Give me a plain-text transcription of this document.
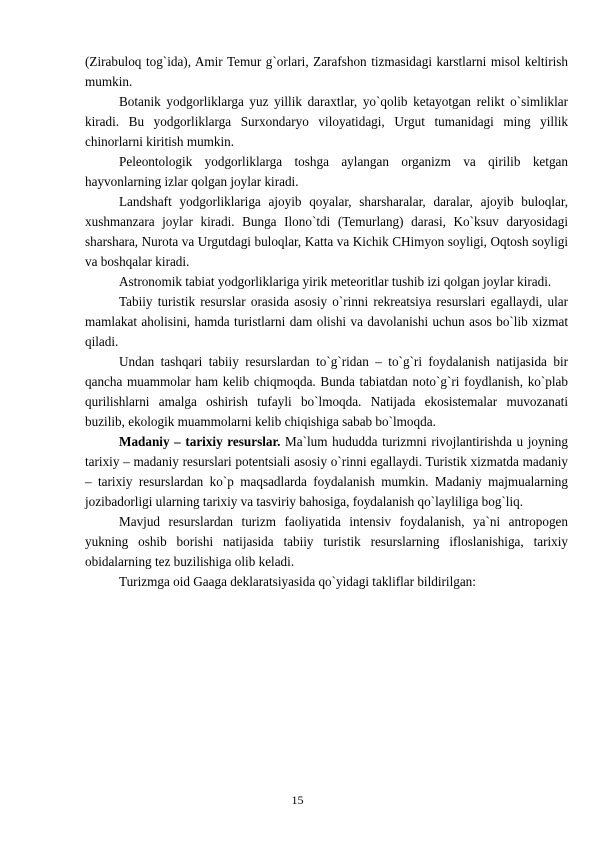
(Zirabuloq tog`ida), Amir Temur g`orlari, Zarafshon tizmasidagi karstlarni misol keltirish mumkin.

Botanik yodgorliklarga yuz yillik daraxtlar, yo`qolib ketayotgan relikt o`simliklar kiradi. Bu yodgorliklarga Surxondaryo viloyatidagi, Urgut tumanidagi ming yillik chinorlarni kiritish mumkin.

Peleontologik yodgorliklarga toshga aylangan organizm va qirilib ketgan hayvonlarning izlar qolgan joylar kiradi.

Landshaft yodgorliklariga ajoyib qoyalar, sharsharalar, daralar, ajoyib buloqlar, xushmanzara joylar kiradi. Bunga Ilono`tdi (Temurlang) darasi, Ko`ksuv daryosidagi sharshara, Nurota va Urgutdagi buloqlar, Katta va Kichik CHimyon soyligi, Oqtosh soyligi va boshqalar kiradi.

Astronomik tabiat yodgorliklariga yirik meteoritlar tushib izi qolgan joylar kiradi.

Tabiiy turistik resurslar orasida asosiy o`rinni rekreatsiya resurslari egallaydi, ular mamlakat aholisini, hamda turistlarni dam olishi va davolanishi uchun asos bo`lib xizmat qiladi.

Undan tashqari tabiiy resurslardan to`g`ridan – to`g`ri foydalanish natijasida bir qancha muammolar ham kelib chiqmoqda. Bunda tabiatdan noto`g`ri foydlanish, ko`plab qurilishlarni amalga oshirish tufayli bo`lmoqda. Natijada ekosistemalar muvozanati buzilib, ekologik muammolarni kelib chiqishiga sabab bo`lmoqda.

Madaniy – tarixiy resurslar. Ma`lum hududda turizmni rivojlantirishda u joyning tarixiy – madaniy resurslari potentsiali asosiy o`rinni egallaydi. Turistik xizmatda madaniy – tarixiy resurslardan ko`p maqsadlarda foydalanish mumkin. Madaniy majmualarning jozibadorligi ularning tarixiy va tasviriy bahosiga, foydalanish qo`layliliga bog`liq.

Mavjud resurslardan turizm faoliyatida intensiv foydalanish, ya`ni antropogen yukning oshib borishi natijasida tabiiy turistik resurslarning ifloslanishiga, tarixiy obidalarning tez buzilishiga olib keladi.

Turizmga oid Gaaga deklaratsiyasida qo`yidagi takliflar bildirilgan:

15
